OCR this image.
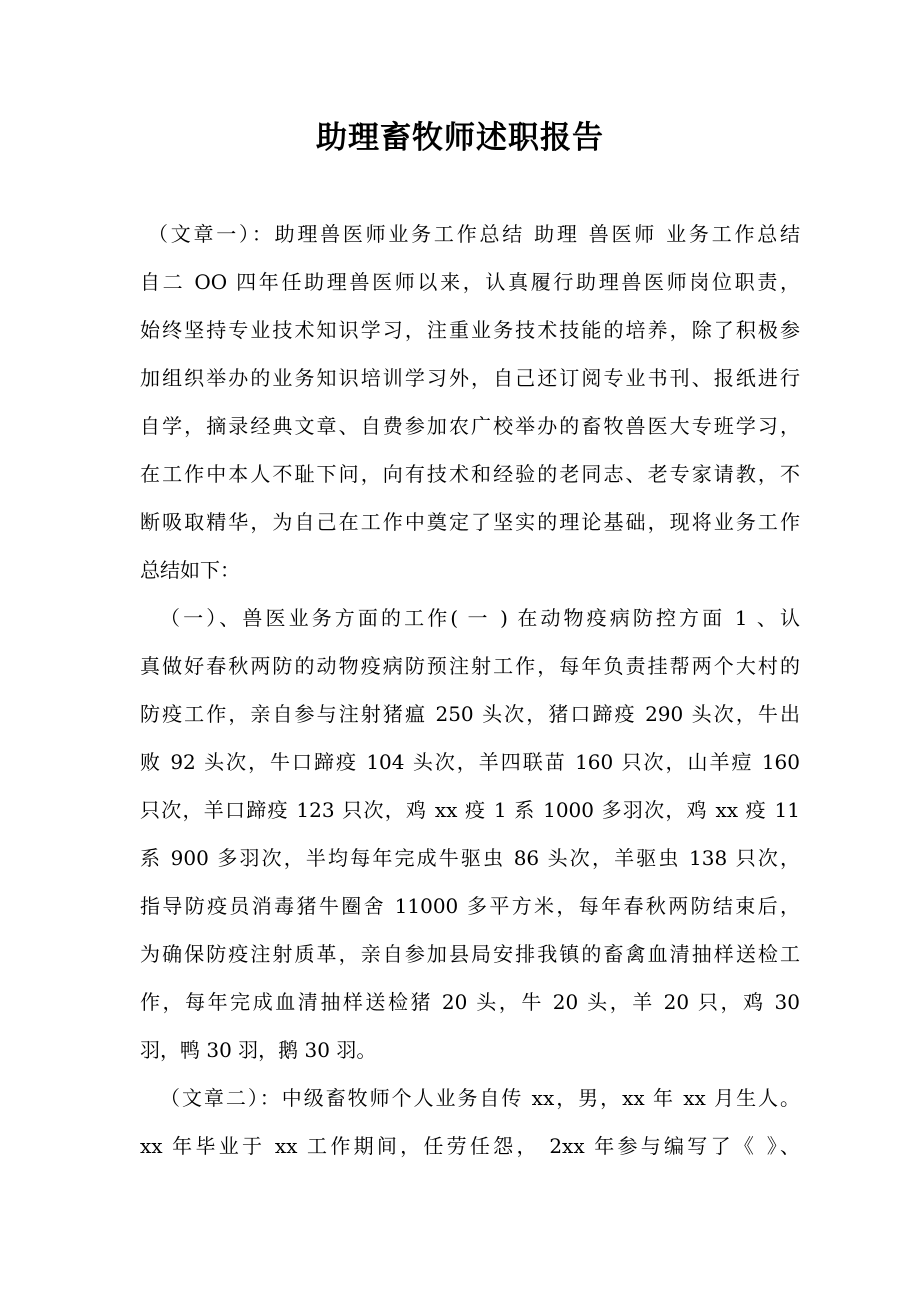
助理畜牧师述职报告
（文章一）：助理兽医师业务工作总结 助理 兽医师 业务工作总结
自二 OO 四年任助理兽医师以来，认真履行助理兽医师岗位职责，
始终坚持专业技术知识学习，注重业务技术技能的培养，除了积极参
加组织举办的业务知识培训学习外，自己还订阅专业书刊、报纸进行
自学，摘录经典文章、自费参加农广校举办的畜牧兽医大专班学习，
在工作中本人不耻下问，向有技术和经验的老同志、老专家请教，不
断吸取精华，为自己在工作中奠定了坚实的理论基础，现将业务工作
总结如下：
（一）、兽医业务方面的工作( 一 ) 在动物疫病防控方面 1 、认
真做好春秋两防的动物疫病防预注射工作，每年负责挂帮两个大村的
防疫工作，亲自参与注射猪瘟 250 头次，猪口蹄疫 290 头次，牛出
败 92 头次，牛口蹄疫 104 头次，羊四联苗 160 只次，山羊痘 160
只次，羊口蹄疫 123 只次，鸡 xx 疫 1 系 1000 多羽次，鸡 xx 疫 11
系 900 多羽次，半均每年完成牛驱虫 86 头次，羊驱虫 138 只次，
指导防疫员消毒猪牛圈舍 11000 多平方米，每年春秋两防结束后，
为确保防疫注射质革，亲自参加县局安排我镇的畜禽血清抽样送检工
作，每年完成血清抽样送检猪 20 头，牛 20 头，羊 20 只，鸡 30
羽，鸭 30 羽，鹅 30 羽。
（文章二）：中级畜牧师个人业务自传 xx，男，xx 年 xx 月生人。
xx 年毕业于 xx 工作期间，任劳任怨， 2xx 年参与编写了《 》、
